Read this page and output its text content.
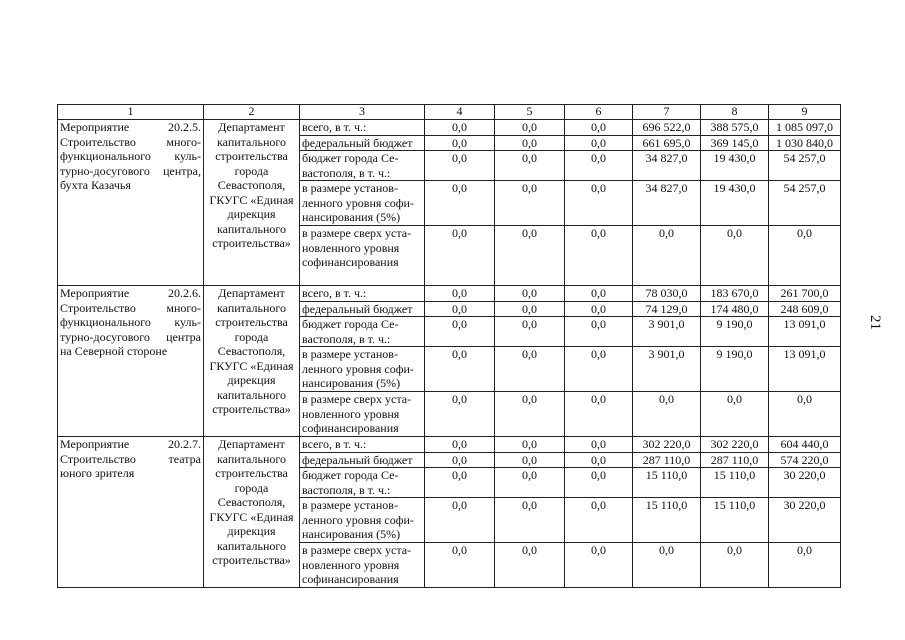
1	2	3	4	5	6	7	8	9
Мероприятие 20.2.5. Строительство много-функционального куль-турно-досугового центра, бухта Казачья	Департамент капитального строительства города Севастополя, ГКУГС «Единая дирекция капитального строительства»	всего, в т. ч.:	0,0	0,0	0,0	696 522,0	388 575,0	1 085 097,0
		федеральный бюджет	0,0	0,0	0,0	661 695,0	369 145,0	1 030 840,0
		бюджет города Се-вастополя, в т. ч.:	0,0	0,0	0,0	34 827,0	19 430,0	54 257,0
		в размере установ-ленного уровня софи-нансирования (5%)	0,0	0,0	0,0	34 827,0	19 430,0	54 257,0
		в размере сверх уста-новленного уровня софинансирования	0,0	0,0	0,0	0,0	0,0	0,0
Мероприятие 20.2.6. Строительство много-функционального куль-турно-досугового центра на Северной стороне	Департамент капитального строительства города Севастополя, ГКУГС «Единая дирекция капитального строительства»	всего, в т. ч.:	0,0	0,0	0,0	78 030,0	183 670,0	261 700,0
		федеральный бюджет	0,0	0,0	0,0	74 129,0	174 480,0	248 609,0
		бюджет города Се-вастополя, в т. ч.:	0,0	0,0	0,0	3 901,0	9 190,0	13 091,0
		в размере установ-ленного уровня софи-нансирования (5%)	0,0	0,0	0,0	3 901,0	9 190,0	13 091,0
		в размере сверх уста-новленного уровня софинансирования	0,0	0,0	0,0	0,0	0,0	0,0
Мероприятие 20.2.7. Строительство театра юного зрителя	Департамент капитального строительства города Севастополя, ГКУГС «Единая дирекция капитального строительства»	всего, в т. ч.:	0,0	0,0	0,0	302 220,0	302 220,0	604 440,0
		федеральный бюджет	0,0	0,0	0,0	287 110,0	287 110,0	574 220,0
		бюджет города Се-вастополя, в т. ч.:	0,0	0,0	0,0	15 110,0	15 110,0	30 220,0
		в размере установ-ленного уровня софи-нансирования (5%)	0,0	0,0	0,0	15 110,0	15 110,0	30 220,0
		в размере сверх уста-новленного уровня софинансирования	0,0	0,0	0,0	0,0	0,0	0,0
21
